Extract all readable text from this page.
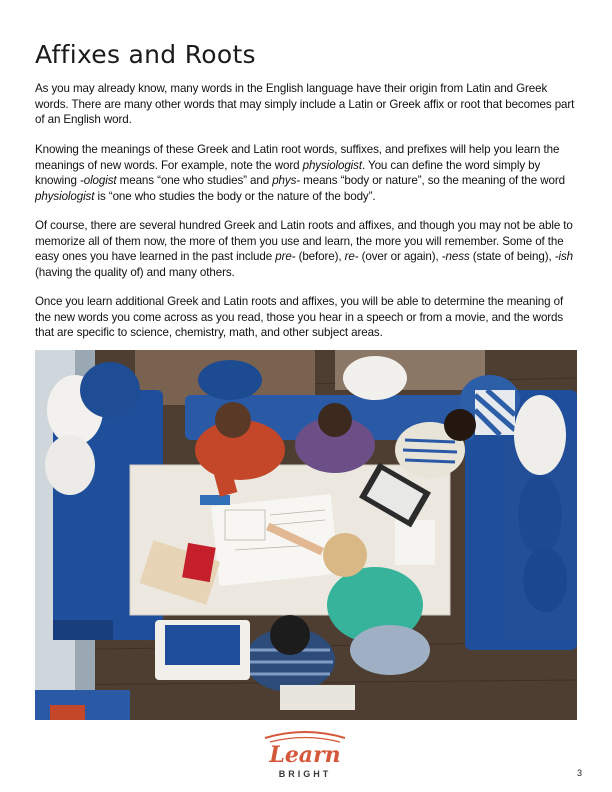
Affixes and Roots

As you may already know, many words in the English language have their origin from Latin and Greek words. There are many other words that may simply include a Latin or Greek affix or root that becomes part of an English word.

Knowing the meanings of these Greek and Latin root words, suffixes, and prefixes will help you learn the meanings of new words. For example, note the word physiologist. You can define the word simply by knowing -ologist means “one who studies” and phys- means “body or nature”, so the meaning of the word physiologist is “one who studies the body or the nature of the body”.

Of course, there are several hundred Greek and Latin roots and affixes, and though you may not be able to memorize all of them now, the more of them you use and learn, the more you will remember. Some of the easy ones you have learned in the past include pre- (before), re- (over or again), -ness (state of being), -ish (having the quality of) and many others.

Once you learn additional Greek and Latin roots and affixes, you will be able to determine the meaning of the new words you come across as you read, those you hear in a speech or from a movie, and the words that are specific to science, chemistry, math, and other subject areas.

Learn
BRIGHT	3
